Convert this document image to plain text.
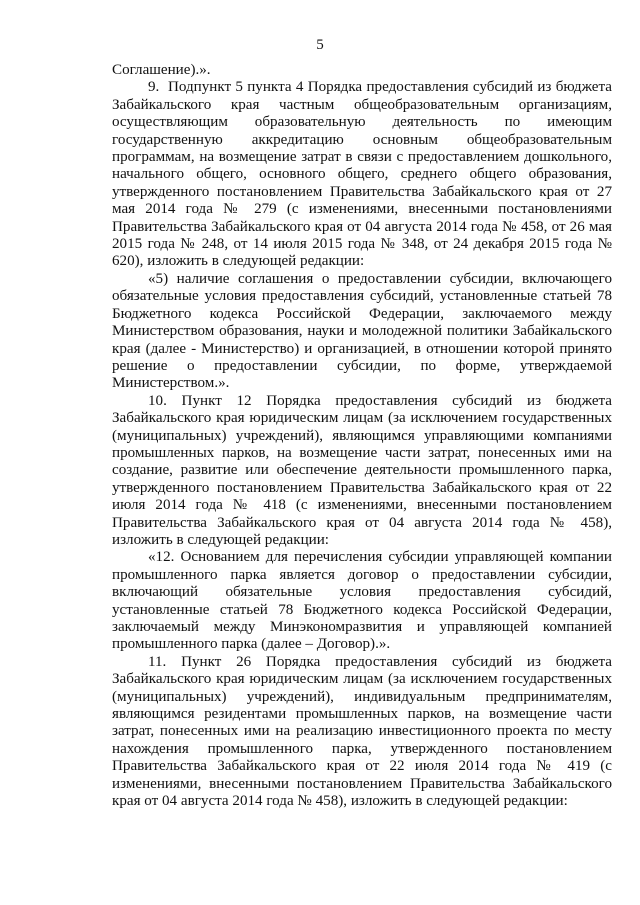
5

Соглашение).».

9.  Подпункт 5 пункта 4 Порядка предоставления субсидий из бюджета Забайкальского края частным общеобразовательным организациям, осуществляющим образовательную деятельность по имеющим государственную аккредитацию основным общеобразовательным программам, на возмещение затрат в связи с предоставлением дошкольного, начального общего, основного общего, среднего общего образования, утвержденного постановлением Правительства Забайкальского края от 27 мая 2014 года № 279 (с изменениями, внесенными постановлениями Правительства Забайкальского края от 04 августа 2014 года № 458, от 26 мая 2015 года № 248, от 14 июля 2015 года № 348, от 24 декабря 2015 года № 620), изложить в следующей редакции:

«5) наличие соглашения о предоставлении субсидии, включающего обязательные условия предоставления субсидий, установленные статьей 78 Бюджетного кодекса Российской Федерации, заключаемого между Министерством образования, науки и молодежной политики Забайкальского края (далее - Министерство) и организацией, в отношении которой принято решение о предоставлении субсидии, по форме, утверждаемой Министерством.».

10. Пункт 12 Порядка предоставления субсидий из бюджета Забайкальского края юридическим лицам (за исключением государственных (муниципальных) учреждений), являющимся управляющими компаниями промышленных парков, на возмещение части затрат, понесенных ими на создание, развитие или обеспечение деятельности промышленного парка, утвержденного постановлением Правительства Забайкальского края от 22 июля 2014 года № 418 (с изменениями, внесенными постановлением Правительства Забайкальского края от 04 августа 2014 года № 458), изложить в следующей редакции:

«12. Основанием для перечисления субсидии управляющей компании промышленного парка является договор о предоставлении субсидии, включающий обязательные условия предоставления субсидий, установленные статьей 78 Бюджетного кодекса Российской Федерации, заключаемый между Минэкономразвития и управляющей компанией промышленного парка (далее – Договор).».

11. Пункт 26 Порядка предоставления субсидий из бюджета Забайкальского края юридическим лицам (за исключением государственных (муниципальных) учреждений), индивидуальным предпринимателям, являющимся резидентами промышленных парков, на возмещение части затрат, понесенных ими на реализацию инвестиционного проекта по месту нахождения промышленного парка, утвержденного постановлением Правительства Забайкальского края от 22 июля 2014 года № 419 (с изменениями, внесенными постановлением Правительства Забайкальского края от 04 августа 2014 года № 458), изложить в следующей редакции:
